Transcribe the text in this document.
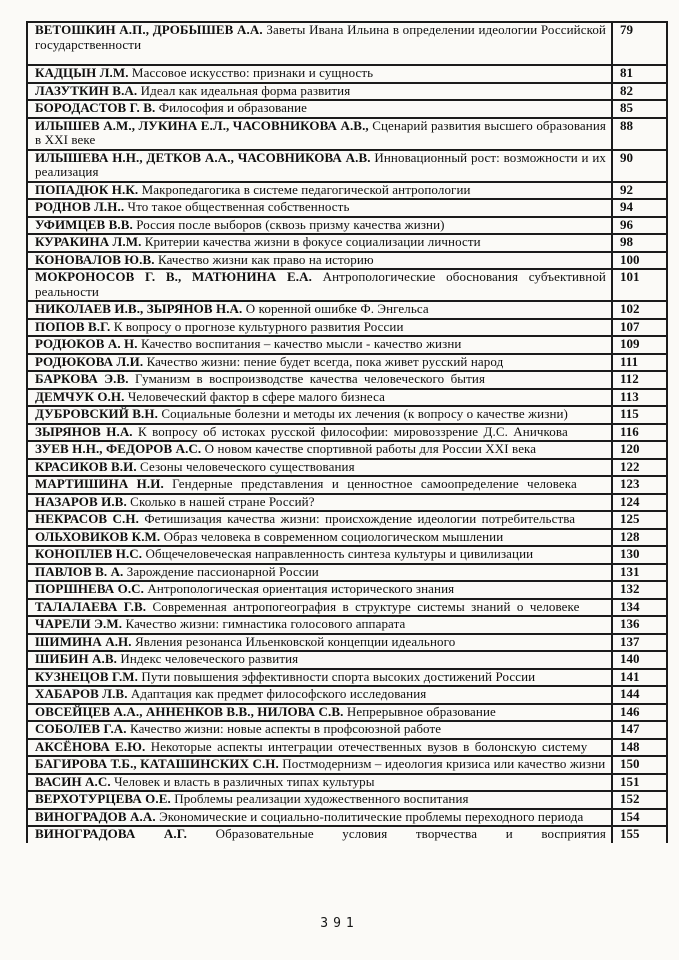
ВЕТОШКИН А.П., ДРОБЫШЕВ А.А. Заветы Ивана Ильина в определении идеологии Российской государственности	79
КАДЦЫН Л.М. Массовое искусство: признаки и сущность	81
ЛАЗУТКИН В.А. Идеал как идеальная форма развития	82
БОРОДАСТОВ Г. В. Философия и образование	85
ИЛЫШЕВ А.М., ЛУКИНА Е.Л., ЧАСОВНИКОВА А.В., Сценарий развития высшего образования в XXI веке	88
ИЛЫШЕВА Н.Н., ДЕТКОВ А.А., ЧАСОВНИКОВА А.В. Инновационный рост: возможности и их реализация	90
ПОПАДЮК Н.К. Макропедагогика в системе педагогической антропологии	92
РОДНОВ Л.Н.. Что такое общественная собственность	94
УФИМЦЕВ В.В. Россия после выборов (сквозь призму качества жизни)	96
КУРАКИНА Л.М. Критерии качества жизни в фокусе социализации личности	98
КОНОВАЛОВ Ю.В. Качество жизни как право на историю	100
МОКРОНОСОВ Г. В., МАТЮНИНА Е.А. Антропологические обоснования субъективной реальности	101
НИКОЛАЕВ И.В., ЗЫРЯНОВ Н.А. О коренной ошибке Ф. Энгельса	102
ПОПОВ В.Г. К вопросу о прогнозе культурного развития России	107
РОДЮКОВ А. Н. Качество воспитания – качество мысли - качество жизни	109
РОДЮКОВА Л.И. Качество жизни: пение будет всегда, пока живет русский народ	111
БАРКОВА Э.В. Гуманизм в воспроизводстве качества человеческого бытия	112
ДЕМЧУК О.Н. Человеческий фактор в сфере малого бизнеса	113
ДУБРОВСКИЙ В.Н. Социальные болезни и методы их лечения (к вопросу о качестве жизни)	115
ЗЫРЯНОВ Н.А. К вопросу об истоках русской философии: мировоззрение Д.С. Аничкова	116
ЗУЕВ Н.Н., ФЕДОРОВ А.С. О новом качестве спортивной работы для России XXI века	120
КРАСИКОВ В.И. Сезоны человеческого существования	122
МАРТИШИНА Н.И. Гендерные представления и ценностное самоопределение человека	123
НАЗАРОВ И.В. Сколько в нашей стране Россий?	124
НЕКРАСОВ С.Н. Фетишизация качества жизни: происхождение идеологии потребительства	125
ОЛЬХОВИКОВ К.М. Образ человека в современном социологическом мышлении	128
КОНОПЛЕВ Н.С. Общечеловеческая направленность синтеза культуры и цивилизации	130
ПАВЛОВ В. А. Зарождение пассионарной России	131
ПОРШНЕВА О.С. Антропологическая ориентация исторического знания	132
ТАЛАЛАЕВА Г.В. Современная антропогеография в структуре системы знаний о человеке	134
ЧАРЕЛИ Э.М. Качество жизни: гимнастика голосового аппарата	136
ШИМИНА А.Н. Явления резонанса Ильенковской концепции идеального	137
ШИБИН А.В. Индекс человеческого развития	140
КУЗНЕЦОВ Г.М. Пути повышения эффективности спорта высоких достижений России	141
ХАБАРОВ Л.В. Адаптация как предмет философского исследования	144
ОВСЕЙЦЕВ А.А., АННЕНКОВ В.В., НИЛОВА С.В. Непрерывное образование	146
СОБОЛЕВ Г.А. Качество жизни: новые аспекты в профсоюзной работе	147
АКСЁНОВА Е.Ю. Некоторые аспекты интеграции отечественных вузов в болонскую систему	148
БАГИРОВА Т.Б., КАТАШИНСКИХ С.Н. Постмодернизм – идеология кризиса или качество жизни	150
ВАСИН А.С. Человек и власть в различных типах культуры	151
ВЕРХОТУРЦЕВА О.Е. Проблемы реализации художественного воспитания	152
ВИНОГРАДОВ А.А. Экономические и социально-политические проблемы переходного периода	154
ВИНОГРАДОВА А.Г. Образовательные условия творчества и восприятия	155
391
